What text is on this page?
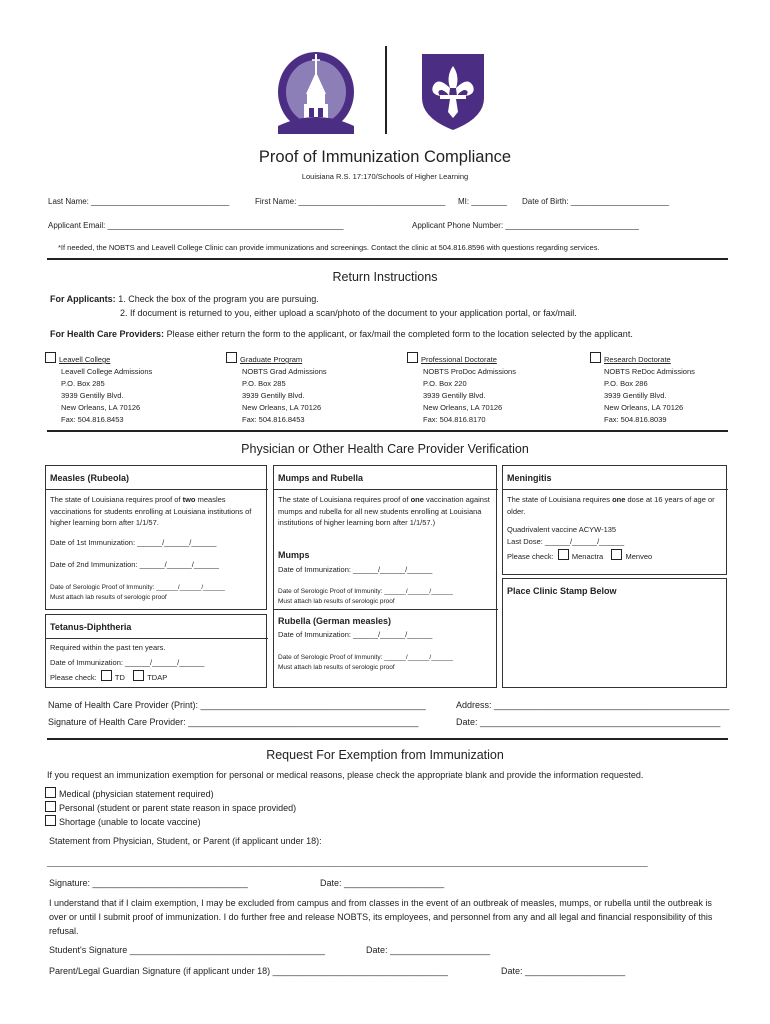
Proof of Immunization Compliance
Louisiana R.S. 17:170/Schools of Higher Learning
Last Name: _______________________________	First Name: _________________________________ MI: ________ Date of Birth: ______________________
Applicant Email: _____________________________________________________	Applicant Phone Number: ______________________________
*If needed, the NOBTS and Leavell College Clinic can provide immunizations and screenings. Contact the clinic at 504.816.8596 with questions regarding services.
Return Instructions
For Applicants: 1. Check the box of the program you are pursuing.
2. If document is returned to you, either upload a scan/photo of the document to your application portal, or fax/mail.
For Health Care Providers: Please either return the form to the applicant, or fax/mail the completed form to the location selected by the applicant.
Leavell College
Leavell College Admissions
P.O. Box 285
3939 Gentilly Blvd.
New Orleans, LA 70126
Fax: 504.816.8453
Graduate Program
NOBTS Grad Admissions
P.O. Box 285
3939 Gentilly Blvd.
New Orleans, LA 70126
Fax: 504.816.8453
Professional Doctorate
NOBTS ProDoc Admissions
P.O. Box 220
3939 Gentilly Blvd.
New Orleans, LA 70126
Fax: 504.816.8170
Research Doctorate
NOBTS ReDoc Admissions
P.O. Box 286
3939 Gentilly Blvd.
New Orleans, LA 70126
Fax: 504.816.8039
Physician or Other Health Care Provider Verification
Measles (Rubeola)
The state of Louisiana requires proof of two measles vaccinations for students enrolling at Louisiana institutions of higher learning born after 1/1/57.
Date of 1st Immunization: ______/______/______
Date of 2nd Immunization: ______/______/______
Date of Serologic Proof of Immunity: ______/______/______
Must attach lab results of serologic proof
Tetanus-Diphtheria
Required within the past ten years.
Date of Immunization: ______/______/______
Please check: TD	TDAP
Mumps and Rubella
The state of Louisiana requires proof of one vaccination against mumps and rubella for all new students enrolling at Louisiana institutions of higher learning born after 1/1/57.)
Mumps
Date of Immunization: ______/______/______
Date of Serologic Proof of Immunity: ______/______/______
Must attach lab results of serologic proof
Rubella (German measles)
Date of Immunization: ______/______/______
Date of Serologic Proof of Immunity: ______/______/______
Must attach lab results of serologic proof
Meningitis
The state of Louisiana requires one dose at 16 years of age or older.
Quadrivalent vaccine ACYW-135
Last Dose: ______/______/______
Please check: Menactra	Menveo
Place Clinic Stamp Below
Name of Health Care Provider (Print): _____________________________________________	Address: _______________________________________________
Signature of Health Care Provider: ______________________________________________	Date: ________________________________________________
Request For Exemption from Immunization
If you request an immunization exemption for personal or medical reasons, please check the appropriate blank and provide the information requested.
Medical (physician statement required)
Personal (student or parent state reason in space provided)
Shortage (unable to locate vaccine)
Statement from Physician, Student, or Parent (if applicant under 18):
________________________________________________________________________________________________________________________
Signature: _______________________________	Date: ____________________
I understand that if I claim exemption, I may be excluded from campus and from classes in the event of an outbreak of measles, mumps, or rubella until the outbreak is over or until I submit proof of immunization. I do further free and release NOBTS, its employees, and personnel from any and all legal and financial responsibility of this refusal.
Student's Signature _______________________________________	Date: ____________________
Parent/Legal Guardian Signature (if applicant under 18) ___________________________________	Date: ____________________
